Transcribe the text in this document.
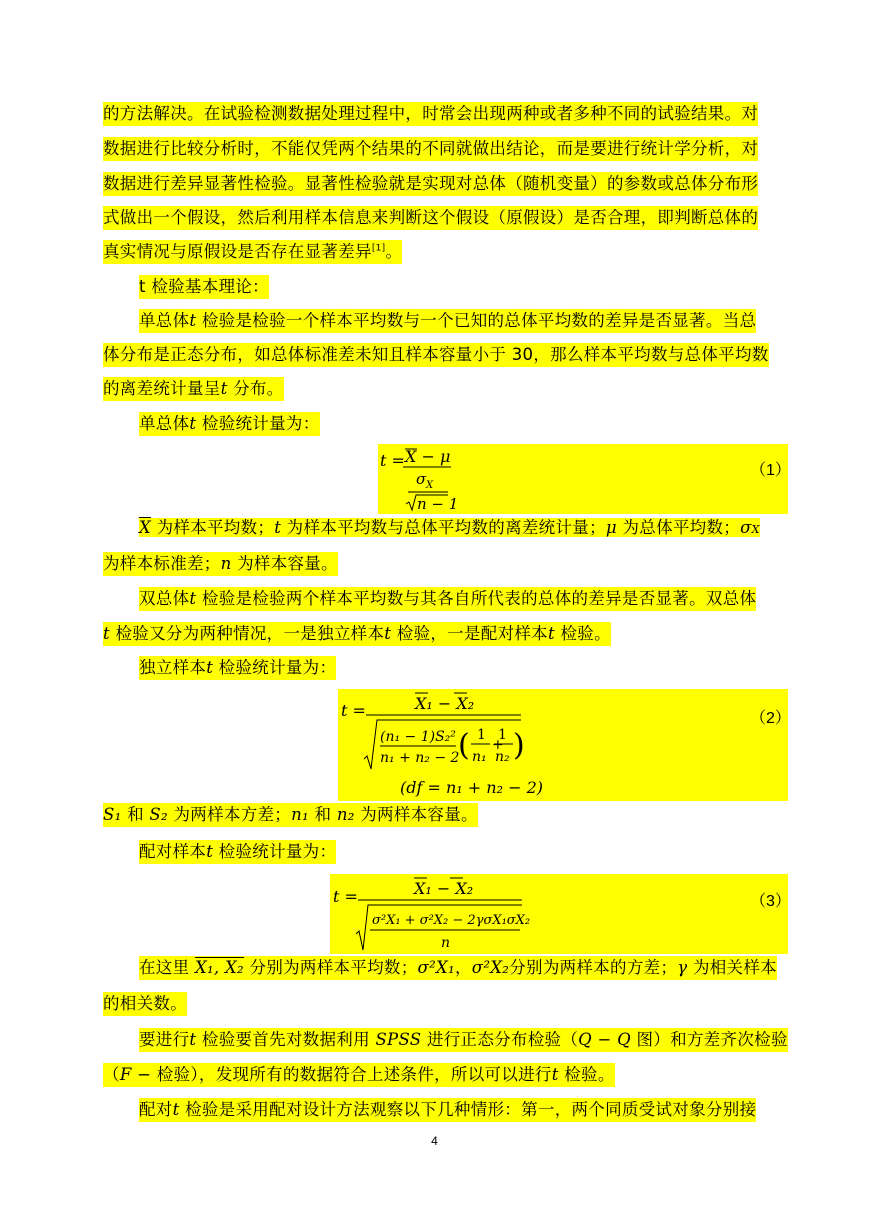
的方法解决。在试验检测数据处理过程中，时常会出现两种或者多种不同的试验结果。对
数据进行比较分析时，不能仅凭两个结果的不同就做出结论，而是要进行统计学分析，对
数据进行差异显著性检验。显著性检验就是实现对总体（随机变量）的参数或总体分布形
式做出一个假设，然后利用样本信息来判断这个假设（原假设）是否合理，即判断总体的
真实情况与原假设是否存在显著差异[1]。
t 检验基本理论：
单总体t 检验是检验一个样本平均数与一个已知的总体平均数的差异是否显著。当总
体分布是正态分布，如总体标准差未知且样本容量小于 30，那么样本平均数与总体平均数
的离差统计量呈t 分布。
单总体t 检验统计量为：
t = X − μ
σ X
n − 1
（1）
$\overline{X}$ 为样本平均数；t 为样本平均数与总体平均数的离差统计量；μ 为总体平均数；σX
为样本标准差；n 为样本容量。
双总体t 检验是检验两个样本平均数与其各自所代表的总体的差异是否显著。双总体
t 检验又分为两种情况，一是独立样本t 检验，一是配对样本t 检验。
独立样本t 检验统计量为：
t =	X₁ − X₂
(n₁ − 1)S₂²
n₁ + n₂ − 2
( 1
n₁
+
1
n₂ )
(df = n₁ + n₂ − 2)
（2）
S₁ 和 S₂ 为两样本方差；n₁ 和 n₂ 为两样本容量。
配对样本t 检验统计量为：
t =	X₁ − X₂
σ²X₁ + σ²X₂ − 2γσX₁σX₂
n
（3）
在这里 X₁, X₂ 分别为两样本平均数；σ²X₁，σ²X₂分别为两样本的方差；γ 为相关样本
的相关数。
要进行t 检验要首先对数据利用 SPSS 进行正态分布检验（Q − Q 图）和方差齐次检验
（F − 检验），发现所有的数据符合上述条件，所以可以进行t 检验。
配对t 检验是采用配对设计方法观察以下几种情形：第一，两个同质受试对象分别接
4
